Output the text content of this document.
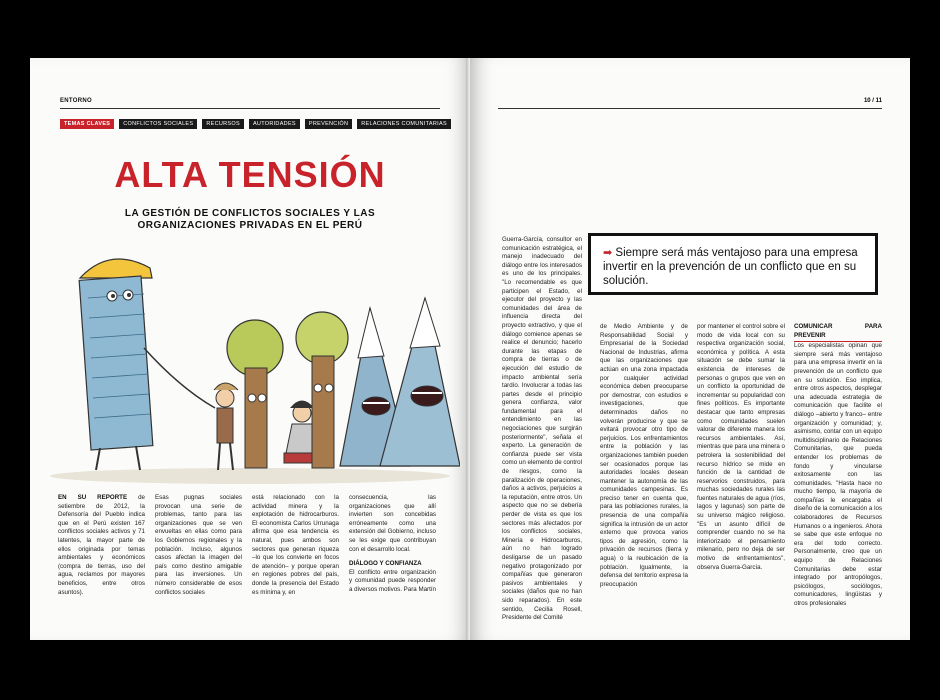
ENTORNO
TEMAS CLAVES	CONFLICTOS SOCIALES	RECURSOS	AUTORIDADES	PREVENCIÓN	RELACIONES COMUNITARIAS
ALTA TENSIÓN
LA GESTIÓN DE CONFLICTOS SOCIALES Y LAS ORGANIZACIONES PRIVADAS EN EL PERÚ
EN SU REPORTE de setiembre de 2012, la Defensoría del Pueblo indica que en el Perú existen 167 conflictos sociales activos y 71 latentes, la mayor parte de ellos originada por temas ambientales y económicos (compra de tierras, uso del agua, reclamos por mayores beneficios, entre otros asuntos).
Esas pugnas sociales provocan una serie de problemas, tanto para las organizaciones que se ven envueltas en ellas como para los Gobiernos regionales y la población. Incluso, algunos casos afectan la imagen del país como destino amigable para las inversiones. Un número considerable de esos conflictos sociales
está relacionado con la actividad minera y la explotación de hidrocarburos. El economista Carlos Urrunaga afirma que esa tendencia es natural, pues ambos son sectores que generan riqueza –lo que los convierte en focos de atención– y porque operan en regiones pobres del país, donde la presencia del Estado es mínima y, en
consecuencia, las organizaciones que allí invierten son concebidas erróneamente como una extensión del Gobierno, incluso se les exige que contribuyan con el desarrollo local.
DIÁLOGO Y CONFIANZA
El conflicto entre organización y comunidad puede responder a diversos motivos. Para Martín
10 / 11
➡ Siempre será más ventajoso para una empresa invertir en la prevención de un conflicto que en su solución.
Guerra-García, consultor en comunicación estratégica, el manejo inadecuado del diálogo entre los interesados es uno de los principales. "Lo recomendable es que participen el Estado, el ejecutor del proyecto y las comunidades del área de influencia directa del proyecto extractivo, y que el diálogo comience apenas se realice el denuncio; hacerlo durante las etapas de compra de tierras o de ejecución del estudio de impacto ambiental sería tardío. Involucrar a todas las partes desde el principio genera confianza, valor fundamental para el entendimiento en las negociaciones que surgirán posteriormente", señala el experto. La generación de confianza puede ser vista como un elemento de control de riesgos, como la paralización de operaciones, daños a activos, perjuicios a la reputación, entre otros. Un aspecto que no se debería perder de vista es que los sectores más afectados por los conflictos sociales, Minería e Hidrocarburos, aún no han logrado desligarse de un pasado negativo protagonizado por compañías que generaron pasivos ambientales y sociales (daños que no han sido reparados). En este sentido, Cecilia Rosell, Presidente del Comité
de Medio Ambiente y de Responsabilidad Social y Empresarial de la Sociedad Nacional de Industrias, afirma que las organizaciones que actúan en una zona impactada por cualquier actividad económica deben preocuparse por demostrar, con estudios e investigaciones, que determinados daños no volverán producirse y que se evitará provocar otro tipo de perjuicios. Los enfrentamientos entre la población y las organizaciones también pueden ser ocasionados porque las autoridades locales desean mantener la autonomía de las comunidades campesinas. Es preciso tener en cuenta que, para las poblaciones rurales, la presencia de una compañía significa la intrusión de un actor externo que provoca varios tipos de agresión, como la privación de recursos (tierra y agua) o la reubicación de la población. Igualmente, la defensa del territorio expresa la preocupación
por mantener el control sobre el modo de vida local con su respectiva organización social, económica y política. A esta situación se debe sumar la existencia de intereses de personas o grupos que ven en un conflicto la oportunidad de incrementar su popularidad con fines políticos. Es importante destacar que tanto empresas como comunidades suelen valorar de diferente manera los recursos ambientales. Así, mientras que para una minera o petrolera la sostenibilidad del recurso hídrico se mide en función de la cantidad de reservorios construidos, para muchas sociedades rurales las fuentes naturales de agua (ríos, lagos y lagunas) son parte de su universo mágico religioso. "Es un asunto difícil de comprender cuando no se ha interiorizado el pensamiento milenario, pero no deja de ser motivo de enfrentamientos", observa Guerra-García.
COMUNICAR PARA PREVENIR
Los especialistas opinan que siempre será más ventajoso para una empresa invertir en la prevención de un conflicto que en su solución. Eso implica, entre otros aspectos, desplegar una adecuada estrategia de comunicación que facilite el diálogo –abierto y franco– entre organización y comunidad; y, asimismo, contar con un equipo multidisciplinario de Relaciones Comunitarias, que pueda entender los problemas de fondo y vincularse exitosamente con las comunidades. "Hasta hace no mucho tiempo, la mayoría de compañías le encargaba el diseño de la comunicación a los colaboradores de Recursos Humanos o a ingenieros. Ahora se sabe que este enfoque no era del todo correcto. Personalmente, creo que un equipo de Relaciones Comunitarias debe estar integrado por antropólogos, psicólogos, sociólogos, comunicadores, lingüistas y otros profesionales
